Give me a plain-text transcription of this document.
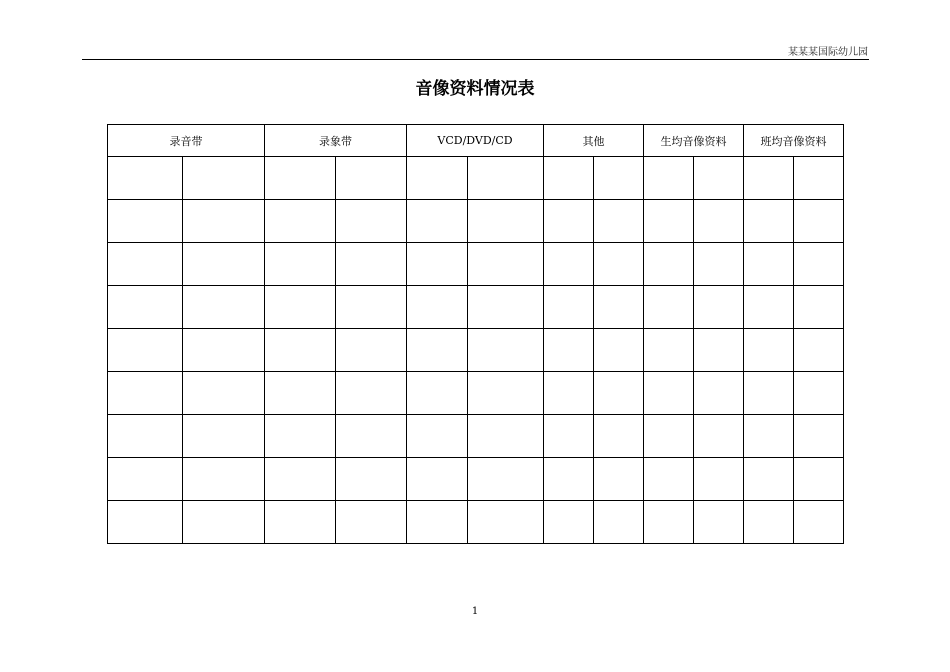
某某某国际幼儿园
音像资料情况表
录音带		录象带		VCD/DVD/CD		其他		生均音像资料		班均音像资料	

1
